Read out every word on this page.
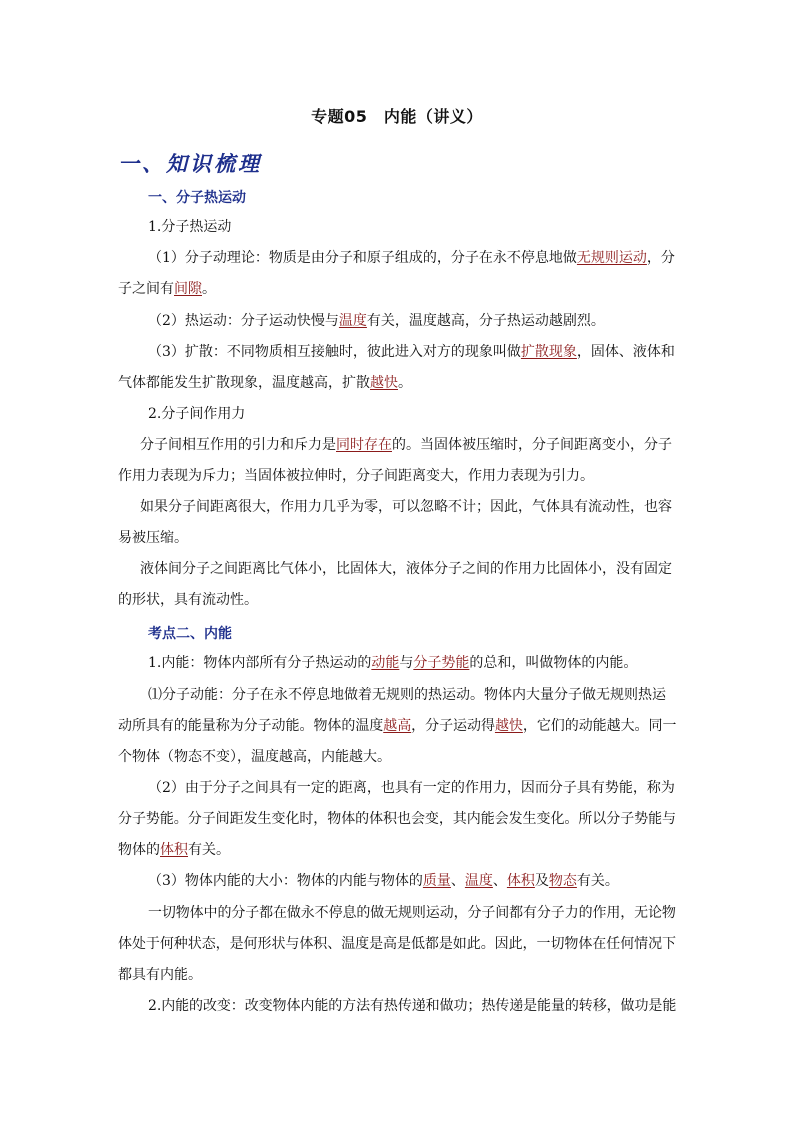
专题05　内能（讲义）
一、知识梳理
一、分子热运动
1.分子热运动
（1）分子动理论：物质是由分子和原子组成的，分子在永不停息地做无规则运动，分
子之间有间隙。
（2）热运动：分子运动快慢与温度有关，温度越高，分子热运动越剧烈。
（3）扩散：不同物质相互接触时，彼此进入对方的现象叫做扩散现象，固体、液体和
气体都能发生扩散现象，温度越高，扩散越快。
2.分子间作用力
分子间相互作用的引力和斥力是同时存在的。当固体被压缩时，分子间距离变小，分子
作用力表现为斥力；当固体被拉伸时，分子间距离变大，作用力表现为引力。
如果分子间距离很大，作用力几乎为零，可以忽略不计；因此，气体具有流动性，也容
易被压缩。
液体间分子之间距离比气体小，比固体大，液体分子之间的作用力比固体小，没有固定
的形状，具有流动性。
考点二、内能
1.内能：物体内部所有分子热运动的动能与分子势能的总和，叫做物体的内能。
⑴分子动能：分子在永不停息地做着无规则的热运动。物体内大量分子做无规则热运
动所具有的能量称为分子动能。物体的温度越高，分子运动得越快，它们的动能越大。同一
个物体（物态不变），温度越高，内能越大。
（2）由于分子之间具有一定的距离，也具有一定的作用力，因而分子具有势能，称为
分子势能。分子间距发生变化时，物体的体积也会变，其内能会发生变化。所以分子势能与
物体的体积有关。
（3）物体内能的大小：物体的内能与物体的质量、温度、体积及物态有关。
一切物体中的分子都在做永不停息的做无规则运动，分子间都有分子力的作用，无论物
体处于何种状态，是何形状与体积、温度是高是低都是如此。因此，一切物体在任何情况下
都具有内能。
2.内能的改变：改变物体内能的方法有热传递和做功；热传递是能量的转移，做功是能
